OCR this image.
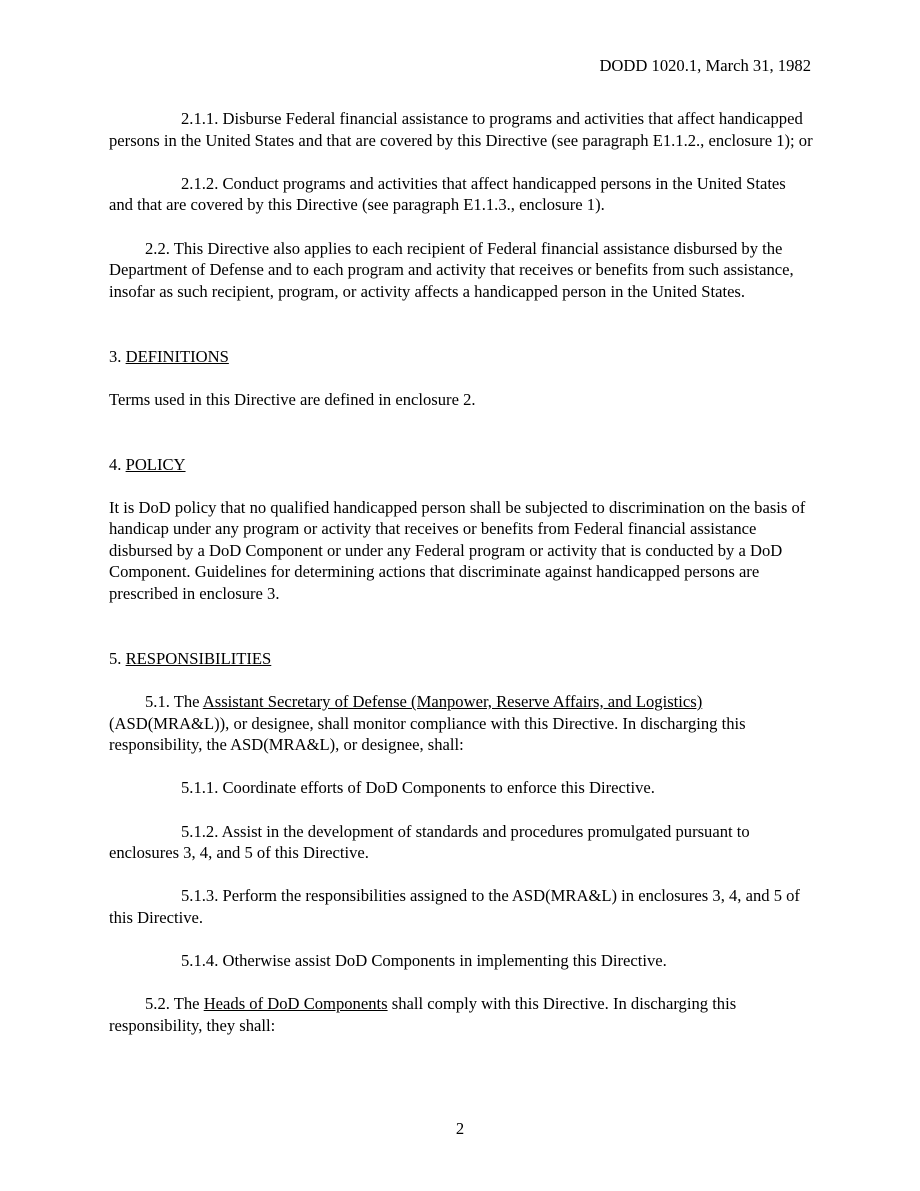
DODD 1020.1, March 31, 1982

2.1.1. Disburse Federal financial assistance to programs and activities that affect handicapped persons in the United States and that are covered by this Directive (see paragraph E1.1.2., enclosure 1); or

2.1.2. Conduct programs and activities that affect handicapped persons in the United States and that are covered by this Directive (see paragraph E1.1.3., enclosure 1).

2.2. This Directive also applies to each recipient of Federal financial assistance disbursed by the Department of Defense and to each program and activity that receives or benefits from such assistance, insofar as such recipient, program, or activity affects a handicapped person in the United States.

3. DEFINITIONS

Terms used in this Directive are defined in enclosure 2.

4. POLICY

It is DoD policy that no qualified handicapped person shall be subjected to discrimination on the basis of handicap under any program or activity that receives or benefits from Federal financial assistance disbursed by a DoD Component or under any Federal program or activity that is conducted by a DoD Component. Guidelines for determining actions that discriminate against handicapped persons are prescribed in enclosure 3.

5. RESPONSIBILITIES

5.1. The Assistant Secretary of Defense (Manpower, Reserve Affairs, and Logistics) (ASD(MRA&L)), or designee, shall monitor compliance with this Directive. In discharging this responsibility, the ASD(MRA&L), or designee, shall:

5.1.1. Coordinate efforts of DoD Components to enforce this Directive.

5.1.2. Assist in the development of standards and procedures promulgated pursuant to enclosures 3, 4, and 5 of this Directive.

5.1.3. Perform the responsibilities assigned to the ASD(MRA&L) in enclosures 3, 4, and 5 of this Directive.

5.1.4. Otherwise assist DoD Components in implementing this Directive.

5.2. The Heads of DoD Components shall comply with this Directive. In discharging this responsibility, they shall:

2
